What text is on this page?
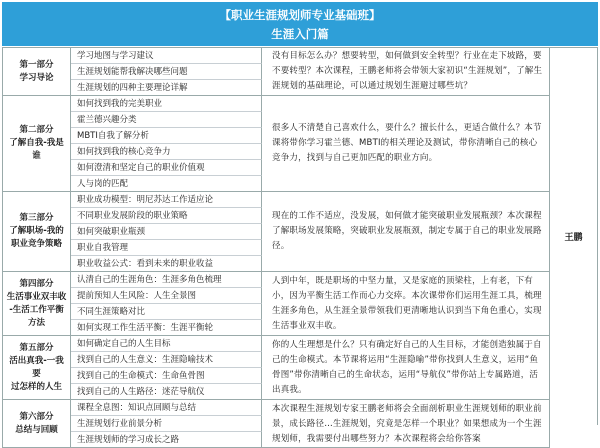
【职业生涯规划师专业基础班】
生涯入门篇
第一部分
学习导论
学习地图与学习建议
生涯规划能帮我解决哪些问题
生涯规划的四种主要理论详解
没有目标怎么办？想要转型，如何做到安全转型？行业在走下坡路，要不要转型？本次课程，王鹏老师将会带领大家初识“生涯规划”，了解生涯规划的基础理论，可以通过规划生涯避过哪些坑？
第二部分
了解自我-我是
谁
如何找到我的完美职业
霍兰德兴趣分类
MBTI自我了解分析
如何找到我的核心竞争力
如何澄清和坚定自己的职业价值观
人与岗的匹配
很多人不清楚自己喜欢什么，要什么？擅长什么，更适合做什么？本节课将带你学习霍兰德、MBTI的相关理论及测试，带你清晰自己的核心竞争力，找到与自己更加匹配的职业方向。
第三部分
了解职场-我的
职业竞争策略
职业成功模型：明尼苏达工作适应论
不同职业发展阶段的职业策略
如何突破职业瓶颈
职业自我管理
职业收益公式：看到未来的职业收益
现在的工作不适应，没发展，如何做才能突破职业发展瓶颈？本次课程了解职场发展策略，突破职业发展瓶颈，制定专属于自己的职业发展路径。
第四部分
生活事业双丰收
-生活工作平衡
方法
认清自己的生涯角色：生涯多角色梳理
提前预知人生风险：人生全景图
不同生涯策略对比
如何实现工作生活平衡：生涯平衡轮
人到中年，既是职场的中坚力量，又是家庭的顶梁柱，上有老，下有小，因为平衡生活工作而心力交瘁。本次课带你们运用生涯工具，梳理生涯多角色，从生涯全景带领我们更清晰地认识到当下角色重心，实现生活事业双丰收。
第五部分
活出真我-一我要
过怎样的人生
如何确定自己的人生目标
找到自己的人生意义：生涯隐喻技术
找到自己的生命模式：生命鱼骨图
找到自己的人生路径：迷茫导航仪
你的人生理想是什么？只有确定好自己的人生目标，才能创造独属于自己的生命模式。本节课将运用“生涯隐喻”带你找到人生意义，运用“鱼骨图”带你清晰自己的生命状态，运用“导航仪”带你站上专属路道，活出真我。
第六部分
总结与回顾
课程全息图：知识点回顾与总结
生涯规划行业前景分析
生涯规划师的学习成长之路
本次课程生涯规划专家王鹏老师将会全面剖析职业生涯规划师的职业前景，成长路径…生涯规划，究竟是怎样一个职业？如果想成为一个生涯规划师，我需要付出哪些努力？本次课程将会给你答案
王鹏
